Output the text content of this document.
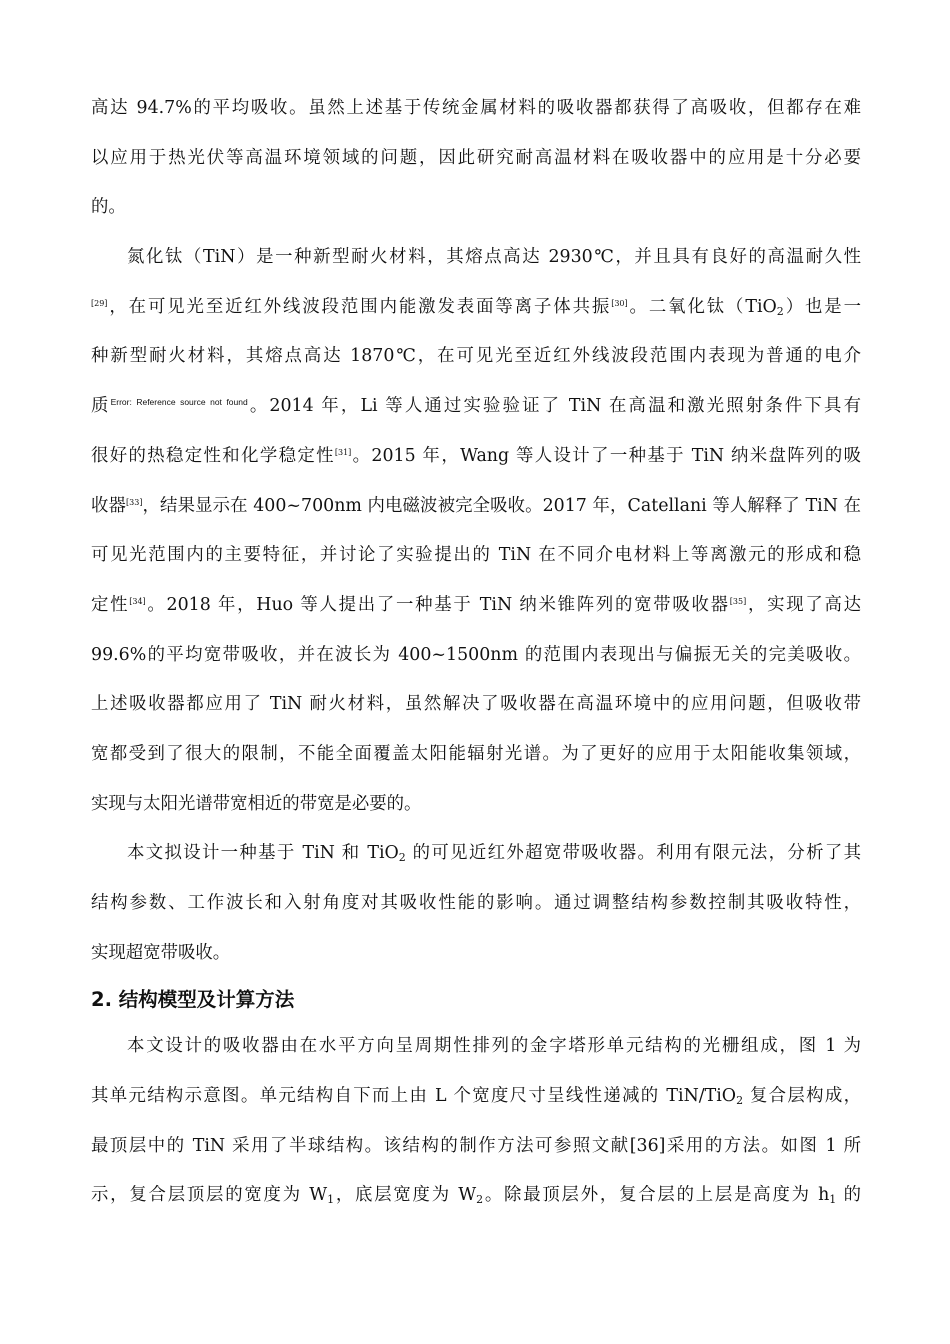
高达 94.7%的平均吸收。虽然上述基于传统金属材料的吸收器都获得了高吸收，但都存在难
以应用于热光伏等高温环境领域的问题，因此研究耐高温材料在吸收器中的应用是十分必要
的。
氮化钛（TiN）是一种新型耐火材料，其熔点高达 2930℃，并且具有良好的高温耐久性
[29]，在可见光至近红外线波段范围内能激发表面等离子体共振[30]。二氧化钛（TiO$_2$）也是一
种新型耐火材料，其熔点高达 1870℃，在可见光至近红外线波段范围内表现为普通的电介
质$^{Error: Reference source not found}$。2014 年，Li 等人通过实验验证了 TiN 在高温和激光照射条件下具有
很好的热稳定性和化学稳定性[31]。2015 年，Wang 等人设计了一种基于 TiN 纳米盘阵列的吸
收器[33]，结果显示在 400~700nm 内电磁波被完全吸收。2017 年，Catellani 等人解释了 TiN 在
可见光范围内的主要特征，并讨论了实验提出的 TiN 在不同介电材料上等离激元的形成和稳
定性[34]。2018 年，Huo 等人提出了一种基于 TiN 纳米锥阵列的宽带吸收器[35]，实现了高达
99.6%的平均宽带吸收，并在波长为 400~1500nm 的范围内表现出与偏振无关的完美吸收。
上述吸收器都应用了 TiN 耐火材料，虽然解决了吸收器在高温环境中的应用问题，但吸收带
宽都受到了很大的限制，不能全面覆盖太阳能辐射光谱。为了更好的应用于太阳能收集领域，
实现与太阳光谱带宽相近的带宽是必要的。
本文拟设计一种基于 TiN 和 TiO$_2$ 的可见近红外超宽带吸收器。利用有限元法，分析了其
结构参数、工作波长和入射角度对其吸收性能的影响。通过调整结构参数控制其吸收特性，
实现超宽带吸收。
2. 结构模型及计算方法
本文设计的吸收器由在水平方向呈周期性排列的金字塔形单元结构的光栅组成，图 1 为
其单元结构示意图。单元结构自下而上由 L 个宽度尺寸呈线性递减的 TiN/TiO$_2$ 复合层构成，
最顶层中的 TiN 采用了半球结构。该结构的制作方法可参照文献[36]采用的方法。如图 1 所
示，复合层顶层的宽度为 $W_1$，底层宽度为 $W_2$。除最顶层外，复合层的上层是高度为 $h_1$ 的
